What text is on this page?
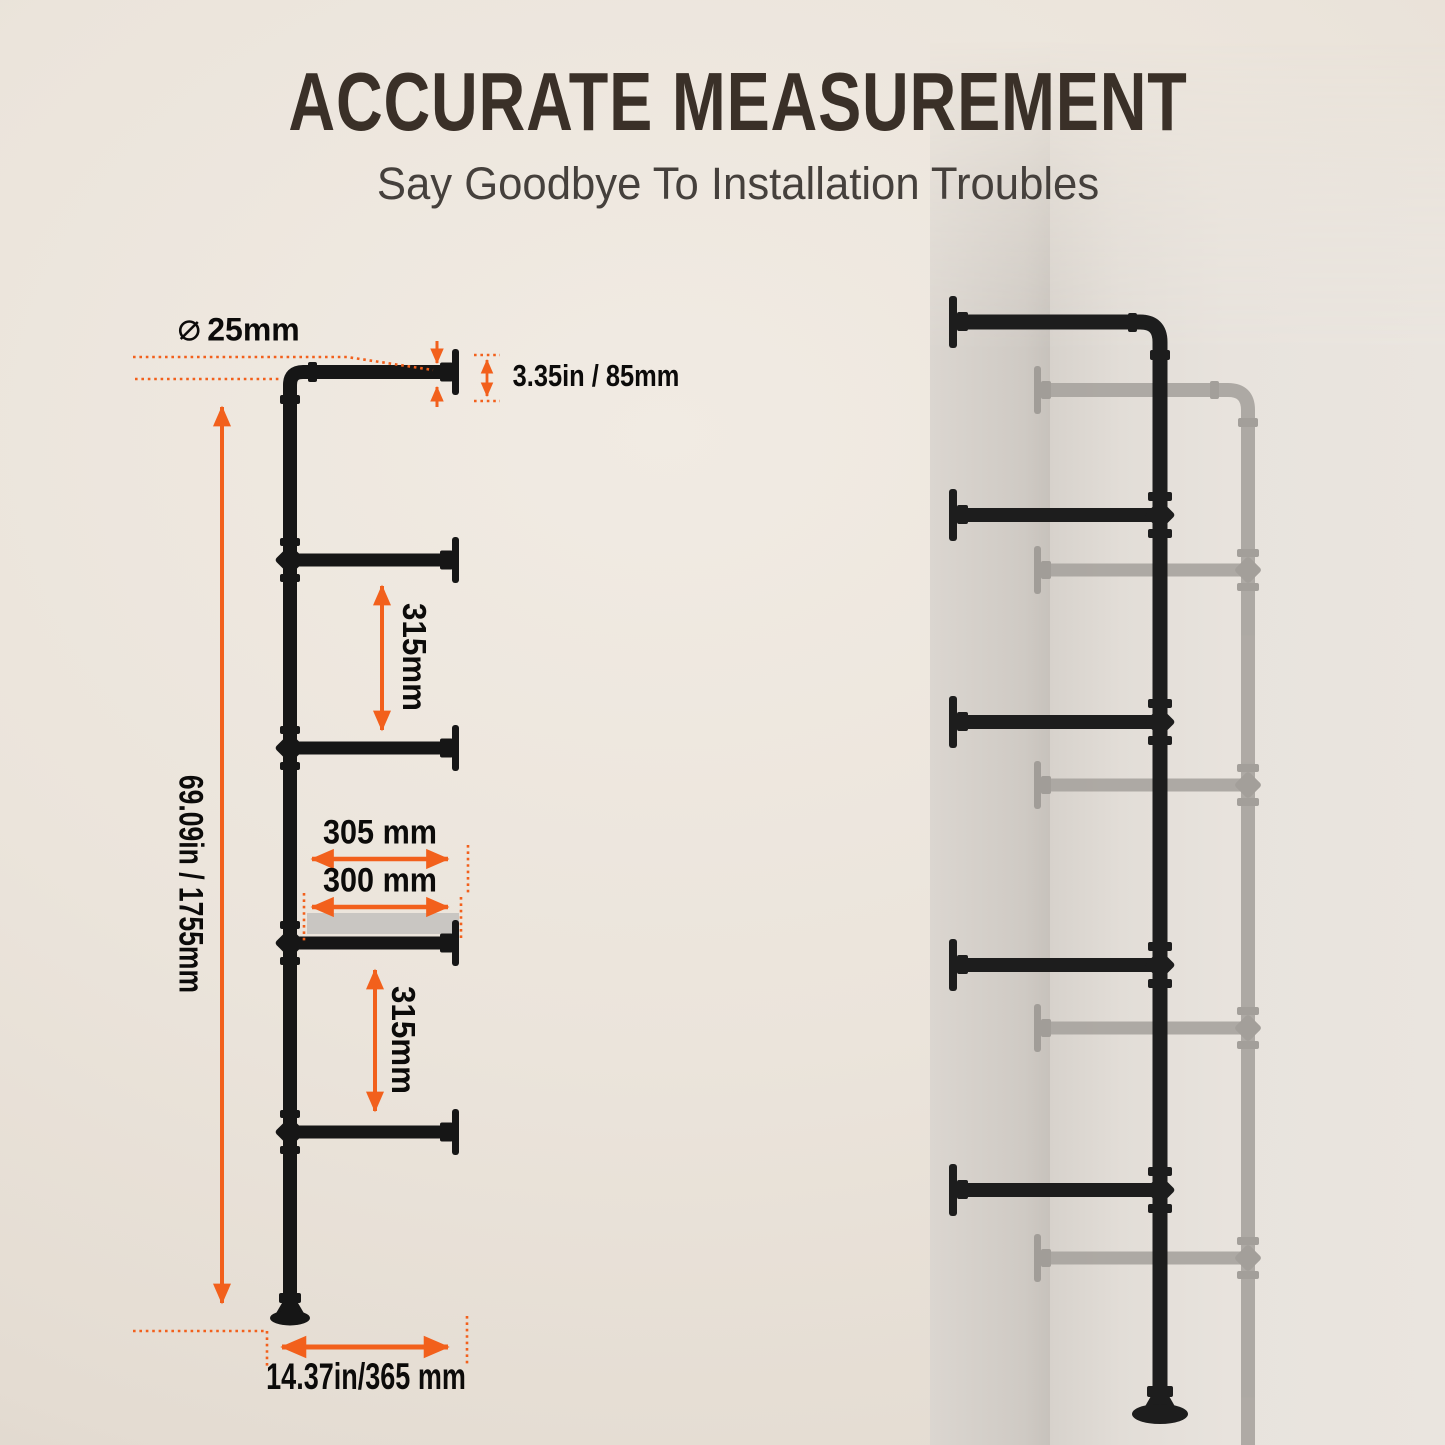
ACCURATE MEASUREMENT
Say Goodbye To Installation Troubles
25mm
3.35in / 85mm
315mm
305 mm
300 mm
315mm
69.09in / 1755mm
14.37in/365 mm
